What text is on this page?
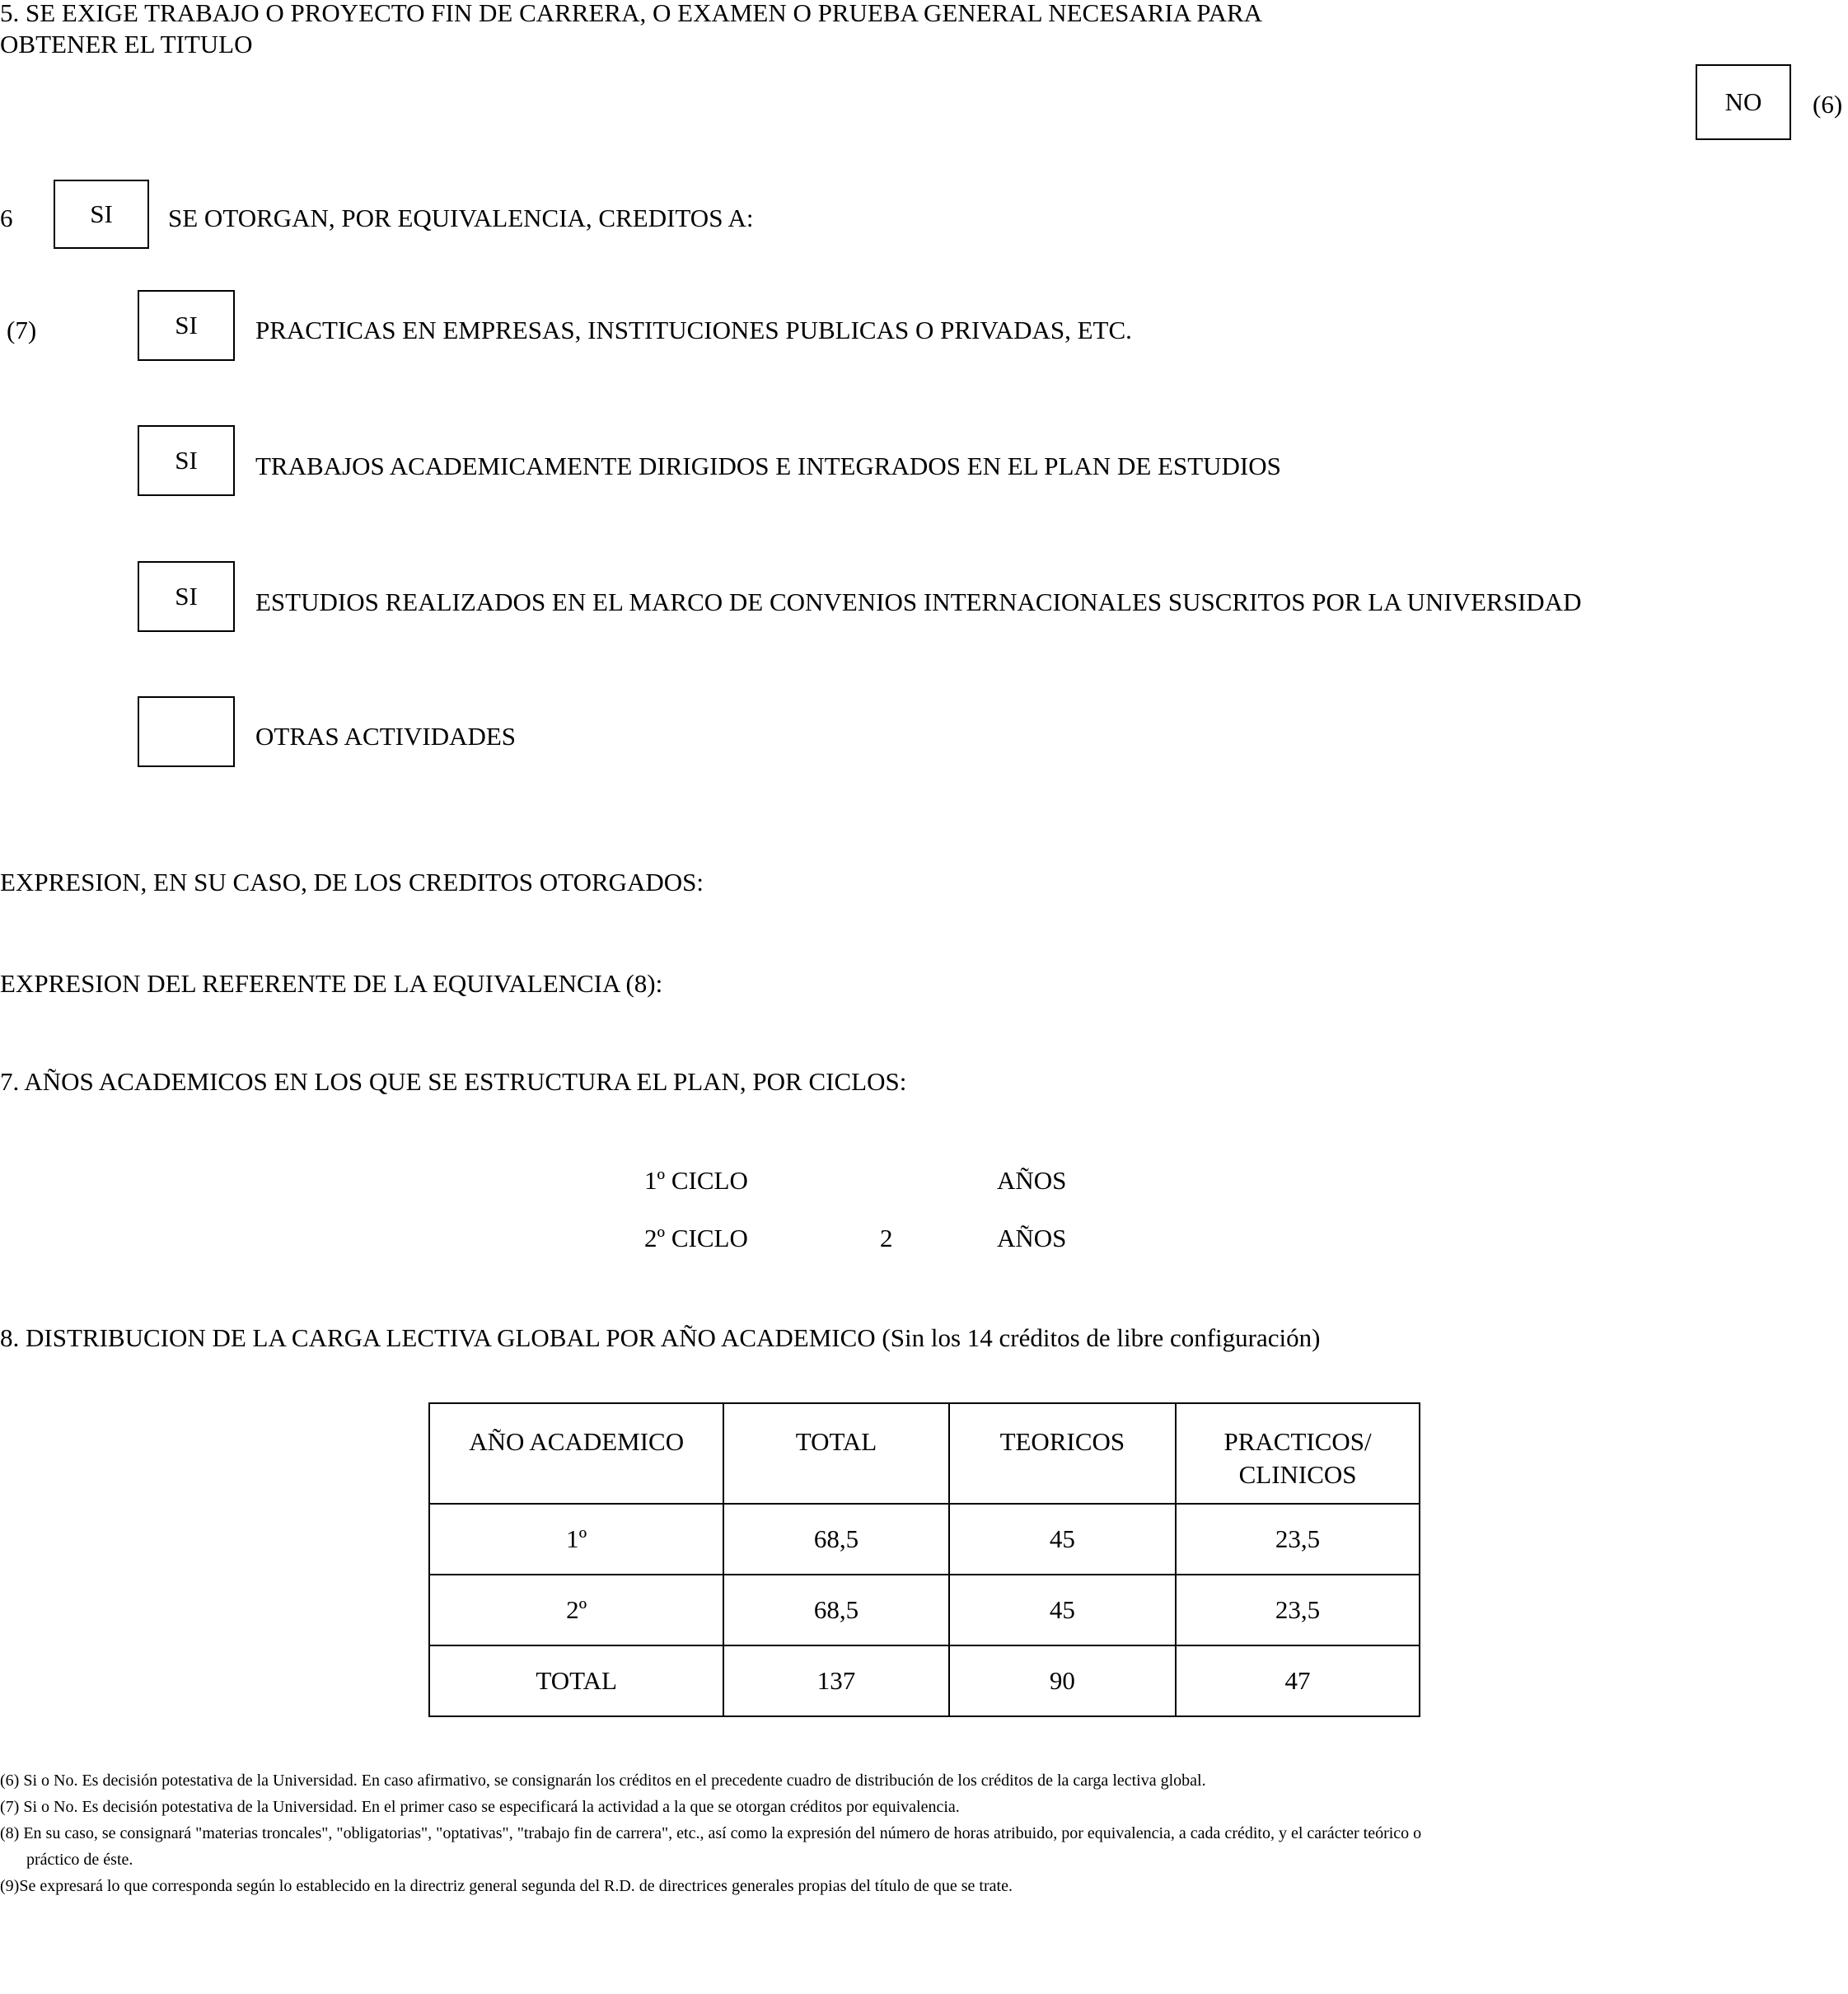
5. SE EXIGE TRABAJO O PROYECTO FIN DE CARRERA, O EXAMEN O PRUEBA GENERAL NECESARIA PARA
OBTENER EL TITULO
NO	(6)
6	SI	SE OTORGAN, POR EQUIVALENCIA, CREDITOS A:
(7)	SI	PRACTICAS EN EMPRESAS, INSTITUCIONES PUBLICAS O PRIVADAS, ETC.
SI	TRABAJOS ACADEMICAMENTE DIRIGIDOS E INTEGRADOS EN EL PLAN DE ESTUDIOS
SI	ESTUDIOS REALIZADOS EN EL MARCO DE CONVENIOS INTERNACIONALES SUSCRITOS POR LA UNIVERSIDAD
OTRAS ACTIVIDADES
EXPRESION, EN SU CASO, DE LOS CREDITOS OTORGADOS:
EXPRESION DEL REFERENTE DE LA EQUIVALENCIA (8):
7. AÑOS ACADEMICOS EN LOS QUE SE ESTRUCTURA EL PLAN, POR CICLOS:
1º CICLO	AÑOS
2º CICLO	2	AÑOS
8. DISTRIBUCION DE LA CARGA LECTIVA GLOBAL POR AÑO ACADEMICO (Sin los 14 créditos de libre configuración)
AÑO ACADEMICO	TOTAL	TEORICOS	PRACTICOS/ CLINICOS
1º	68,5	45	23,5
2º	68,5	45	23,5
TOTAL	137	90	47

(6) Si o No. Es decisión potestativa de la Universidad. En caso afirmativo, se consignarán los créditos en el precedente cuadro de distribución de los créditos de la carga lectiva global.

(7) Si o No. Es decisión potestativa de la Universidad. En el primer caso se especificará la actividad a la que se otorgan créditos por equivalencia.

(8) En su caso, se consignará "materias troncales", "obligatorias", "optativas", "trabajo fin de carrera", etc., así como la expresión del número de horas atribuido, por equivalencia, a cada crédito, y el carácter teórico o

práctico de éste.

(9)Se expresará lo que corresponda según lo establecido en la directriz general segunda del R.D. de directrices generales propias del título de que se trate.
